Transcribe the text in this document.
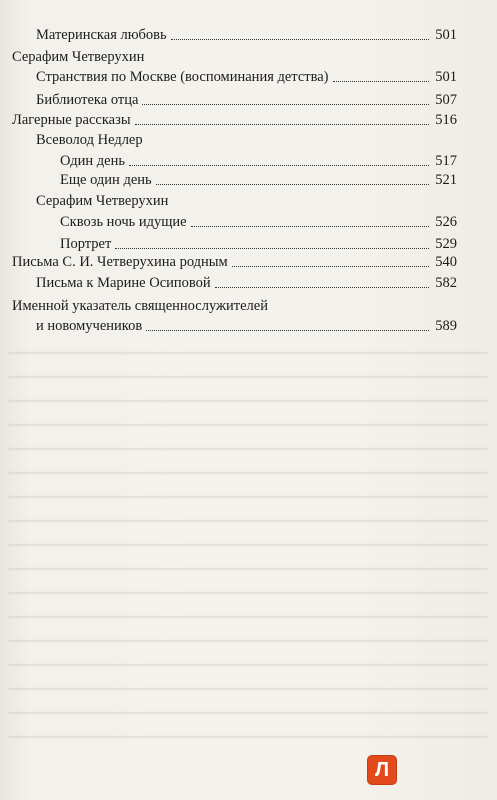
Материнская любовь	501
Серафим Четверухин
Странствия по Москве (воспоминания детства)	501
Библиотека отца	507
Лагерные рассказы	516
Всеволод Недлер
Один день	517
Еще один день	521
Серафим Четверухин
Сквозь ночь идущие	526
Портрет	529
Письма С. И. Четверухина родным	540
Письма к Марине Осиповой	582
Именной указатель священнослужителей
и новомучеников	589
Л
